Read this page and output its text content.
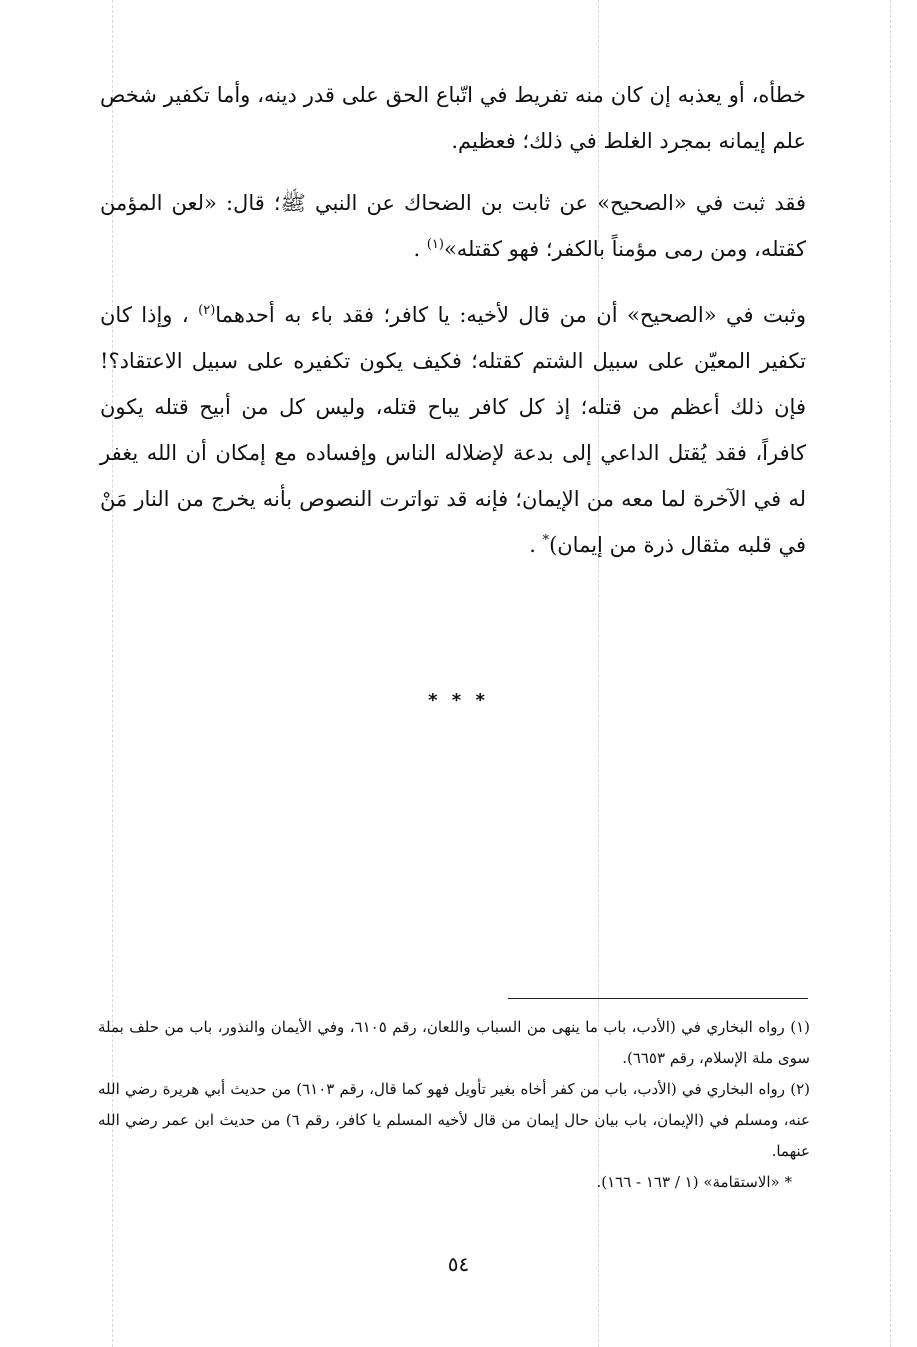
خطأه، أو يعذبه إن كان منه تفريط في اتّباع الحق على قدر دينه، وأما تكفير شخص علم إيمانه بمجرد الغلط في ذلك؛ فعظيم.

فقد ثبت في «الصحيح» عن ثابت بن الضحاك عن النبي ﷺ؛ قال: «لعن المؤمن كقتله، ومن رمى مؤمناً بالكفر؛ فهو كقتله»$^{(١)}$ .

وثبت في «الصحيح» أن من قال لأخيه: يا كافر؛ فقد باء به أحدهما$^{(٢)}$ ، وإذا كان تكفير المعيّن على سبيل الشتم كقتله؛ فكيف يكون تكفيره على سبيل الاعتقاد؟! فإن ذلك أعظم من قتله؛ إذ كل كافر يباح قتله، وليس كل من أبيح قتله يكون كافراً، فقد يُقتل الداعي إلى بدعة لإضلاله الناس وإفساده مع إمكان أن الله يغفر له في الآخرة لما معه من الإيمان؛ فإنه قد تواترت النصوص بأنه يخرج من النار مَنْ في قلبه مثقال ذرة من إيمان)* .

* * *

(١) رواه البخاري في (الأدب، باب ما ينهى من السباب واللعان، رقم ٦١٠٥، وفي الأيمان والنذور، باب من حلف بملة سوى ملة الإسلام، رقم ٦٦٥٣).

(٢) رواه البخاري في (الأدب، باب من كفر أخاه بغير تأويل فهو كما قال، رقم ٦١٠٣) من حديث أبي هريرة رضي الله عنه، ومسلم في (الإيمان، باب بيان حال إيمان من قال لأخيه المسلم يا كافر، رقم ٦) من حديث ابن عمر رضي الله عنهما.

* «الاستقامة» (١ / ١٦٣ - ١٦٦).

٥٤
